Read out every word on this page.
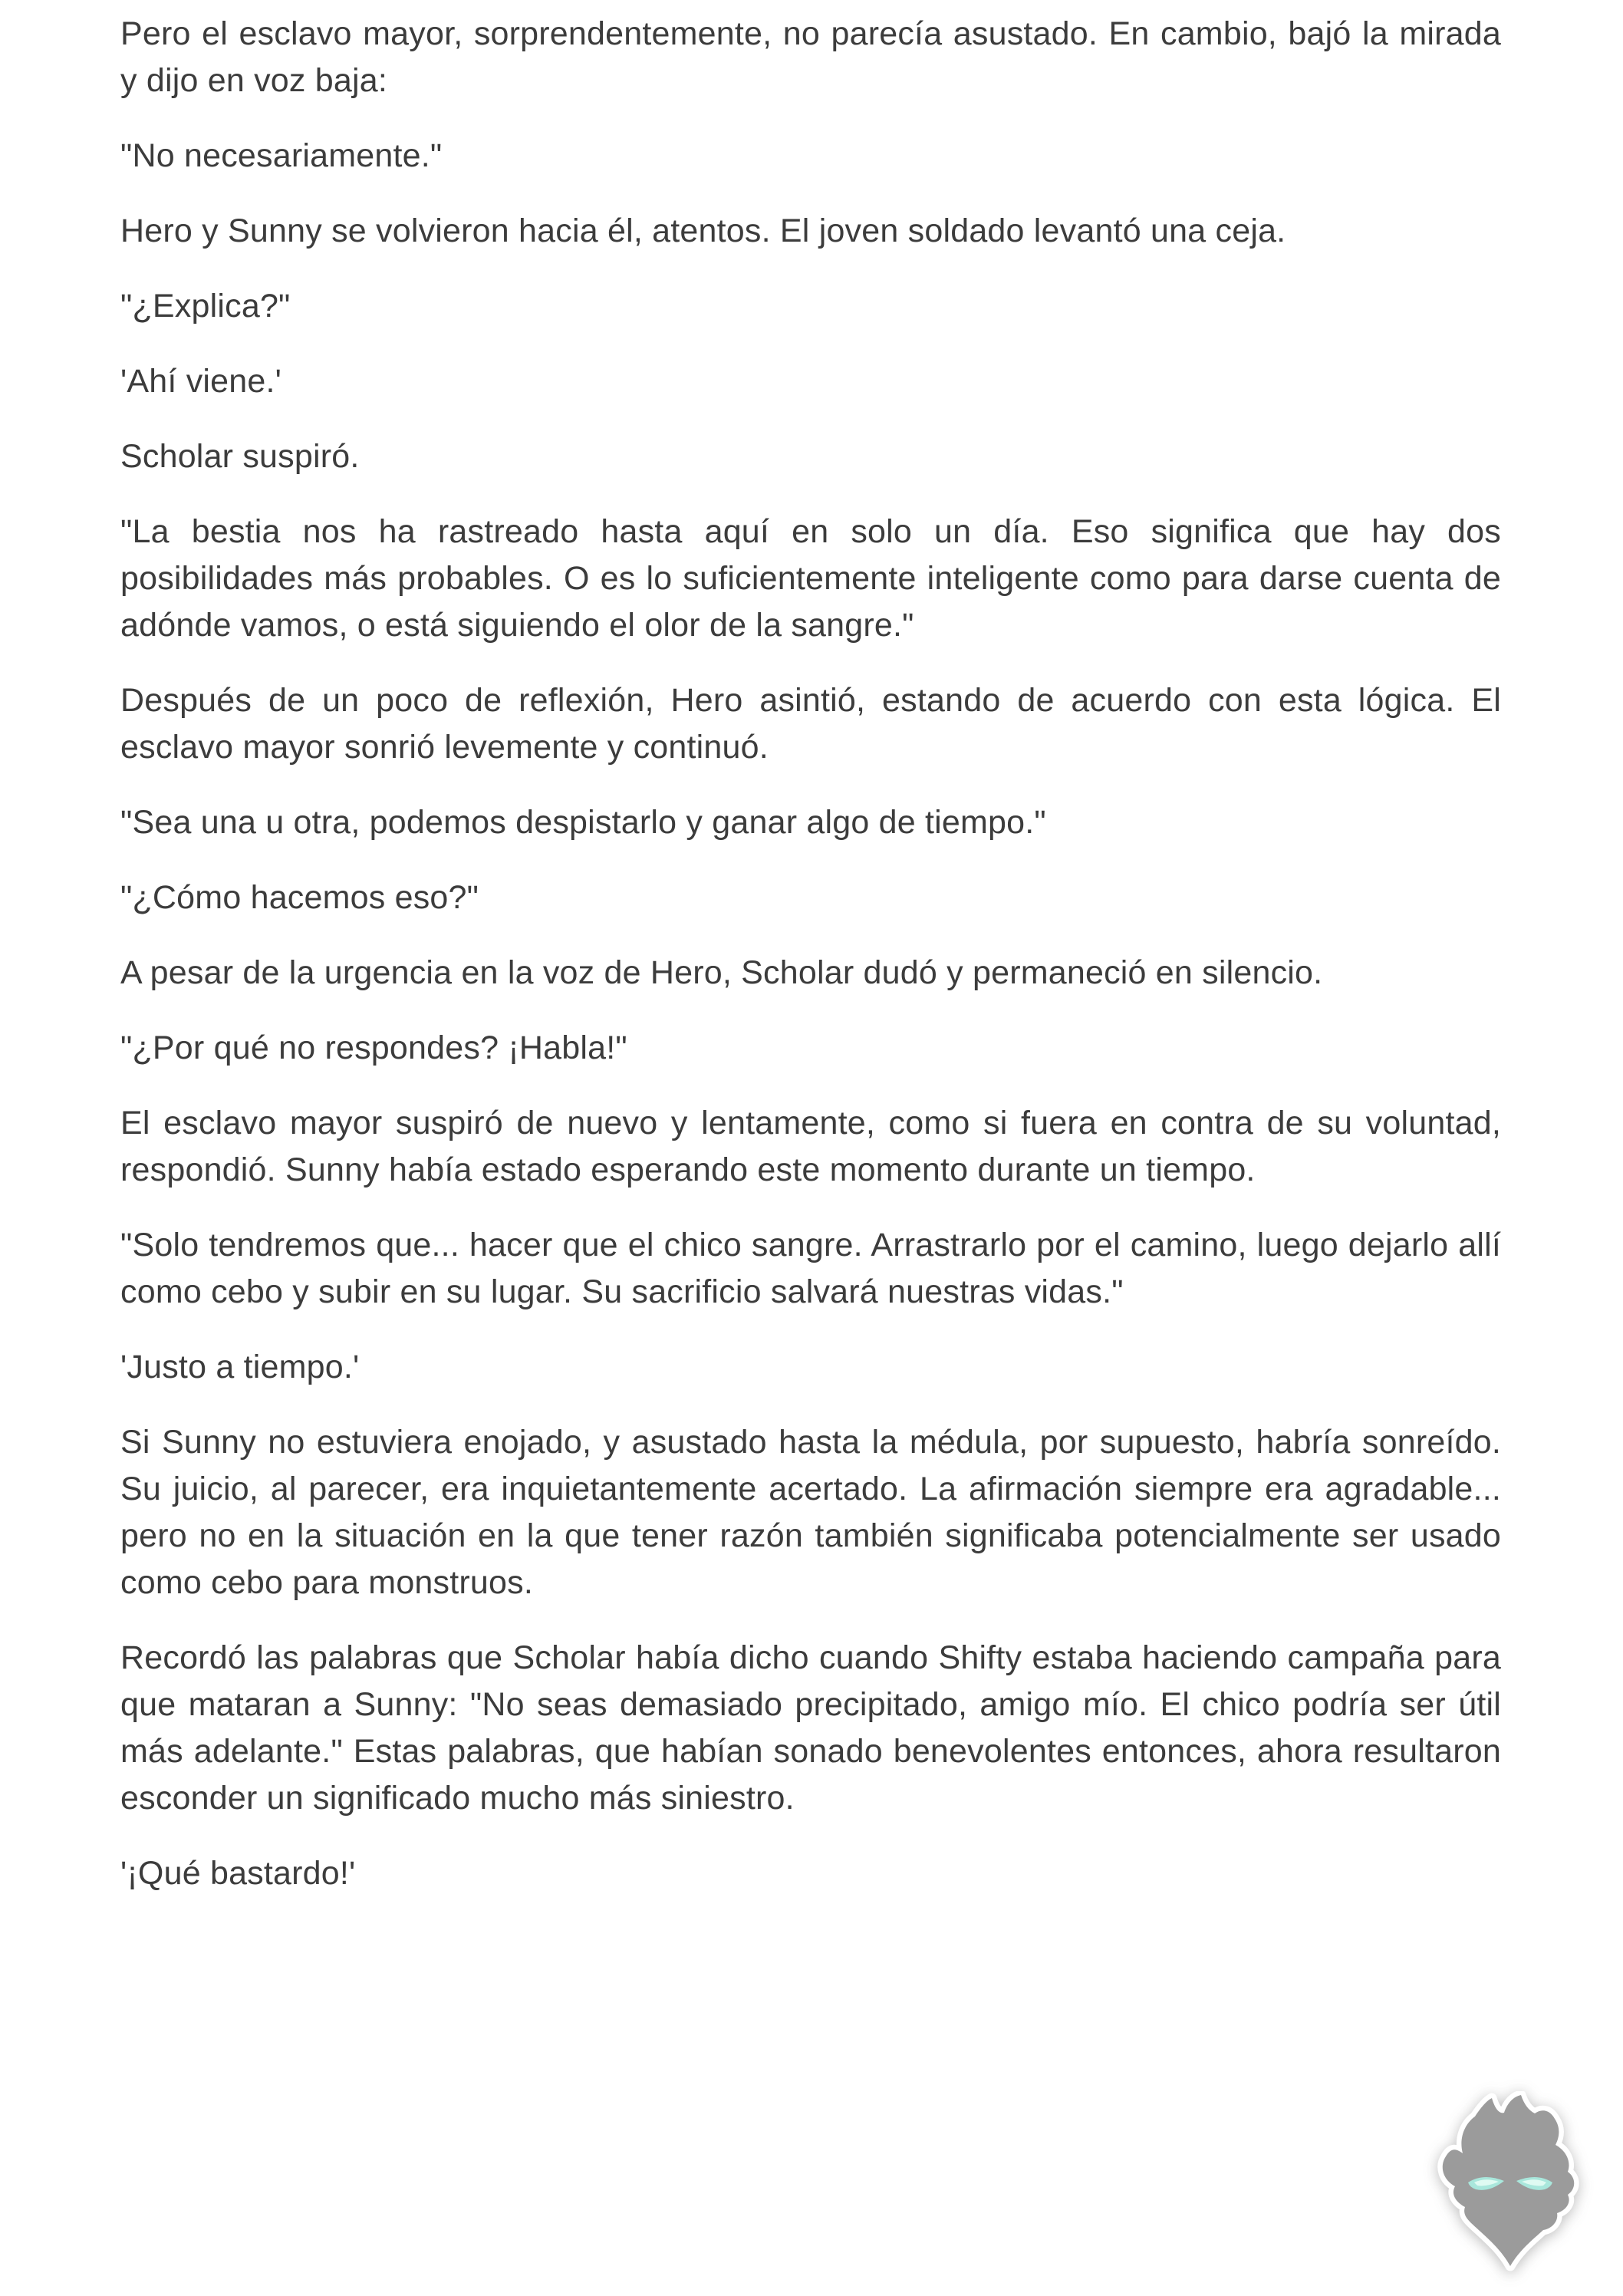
Pero el esclavo mayor, sorprendentemente, no parecía asustado. En cambio, bajó la mirada y dijo en voz baja:

"No necesariamente."

Hero y Sunny se volvieron hacia él, atentos. El joven soldado levantó una ceja.

"¿Explica?"

'Ahí viene.'

Scholar suspiró.

"La bestia nos ha rastreado hasta aquí en solo un día. Eso significa que hay dos posibilidades más probables. O es lo suficientemente inteligente como para darse cuenta de adónde vamos, o está siguiendo el olor de la sangre."

Después de un poco de reflexión, Hero asintió, estando de acuerdo con esta lógica. El esclavo mayor sonrió levemente y continuó.

"Sea una u otra, podemos despistarlo y ganar algo de tiempo."

"¿Cómo hacemos eso?"

A pesar de la urgencia en la voz de Hero, Scholar dudó y permaneció en silencio.

"¿Por qué no respondes? ¡Habla!"

El esclavo mayor suspiró de nuevo y lentamente, como si fuera en contra de su voluntad, respondió. Sunny había estado esperando este momento durante un tiempo.

"Solo tendremos que... hacer que el chico sangre. Arrastrarlo por el camino, luego dejarlo allí como cebo y subir en su lugar. Su sacrificio salvará nuestras vidas."

'Justo a tiempo.'

Si Sunny no estuviera enojado, y asustado hasta la médula, por supuesto, habría sonreído. Su juicio, al parecer, era inquietantemente acertado. La afirmación siempre era agradable... pero no en la situación en la que tener razón también significaba potencialmente ser usado como cebo para monstruos.

Recordó las palabras que Scholar había dicho cuando Shifty estaba haciendo campaña para que mataran a Sunny: "No seas demasiado precipitado, amigo mío. El chico podría ser útil más adelante." Estas palabras, que habían sonado benevolentes entonces, ahora resultaron esconder un significado mucho más siniestro.

'¡Qué bastardo!'
